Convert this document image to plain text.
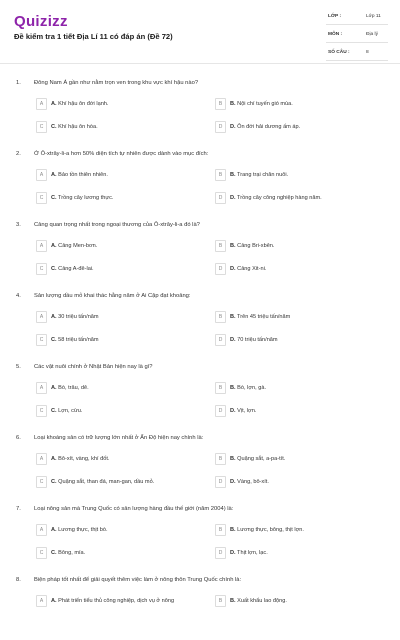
Quizizz
Đề kiểm tra 1 tiết Địa Lí 11 có đáp án (Đề 72)
LỚP :	Lớp 11
MÔN :	Địa lý
SỐ CÂU :	8
1. Đông Nam Á gần như nằm trọn ven trong khu vực khí hậu nào?
A	A. Khí hậu ôn đới lạnh.	B	B. Nội chí tuyến gió mùa.
C	C. Khí hậu ôn hòa.	D	D. Ôn đới hải dương ấm áp.
2. Ở Ô-xtrây-li-a hơn 50% diện tích tự nhiên được dành vào mục đích:
A	A. Bảo tồn thiên nhiên.	B	B. Trang trại chăn nuôi.
C	C. Trồng cây lương thực.	D	D. Trồng cây công nghiệp hàng năm.
3. Cảng quan trọng nhất trong ngoại thương của Ô-xtrây-li-a đó là?
A	A. Cảng Men-bơn.	B	B. Cảng Bri-xbên.
C	C. Cảng A-đê-lai.	D	D. Cảng Xit-ni.
4. Sản lượng dầu mỏ khai thác hằng năm ở Ai Cập đạt khoảng:
A	A. 30 triệu tấn/năm	B	B. Trên 45 triệu tấn/năm
C	C. 58 triệu tấn/năm	D	D. 70 triệu tấn/năm
5. Các vật nuôi chính ở Nhật Bản hiện nay là gì?
A	A. Bò, trâu, dê.	B	B. Bò, lợn, gà.
C	C. Lợn, cừu.	D	D. Vịt, lợn.
6. Loại khoáng sản có trữ lượng lớn nhất ở Ấn Độ hiện nay chính là:
A	A. Bô-xít, vàng, khí đốt.	B	B. Quặng sắt, a-pa-tít.
C	C. Quặng sắt, than đá, man-gan, dầu mỏ.	D	D. Vàng, bô-xít.
7. Loại nông sản mà Trung Quốc có sản lượng hàng đầu thế giới (năm 2004) là:
A	A. Lương thực, thịt bò.	B	B. Lương thực, bông, thịt lợn.
C	C. Bông, mía.	D	D. Thịt lợn, lạc.
8. Biện pháp tốt nhất để giải quyết thêm việc làm ở nông thôn Trung Quốc chính là:
A	A. Phát triển tiểu thủ công nghiệp, dịch vụ ở nông	B	B. Xuất khẩu lao động.
